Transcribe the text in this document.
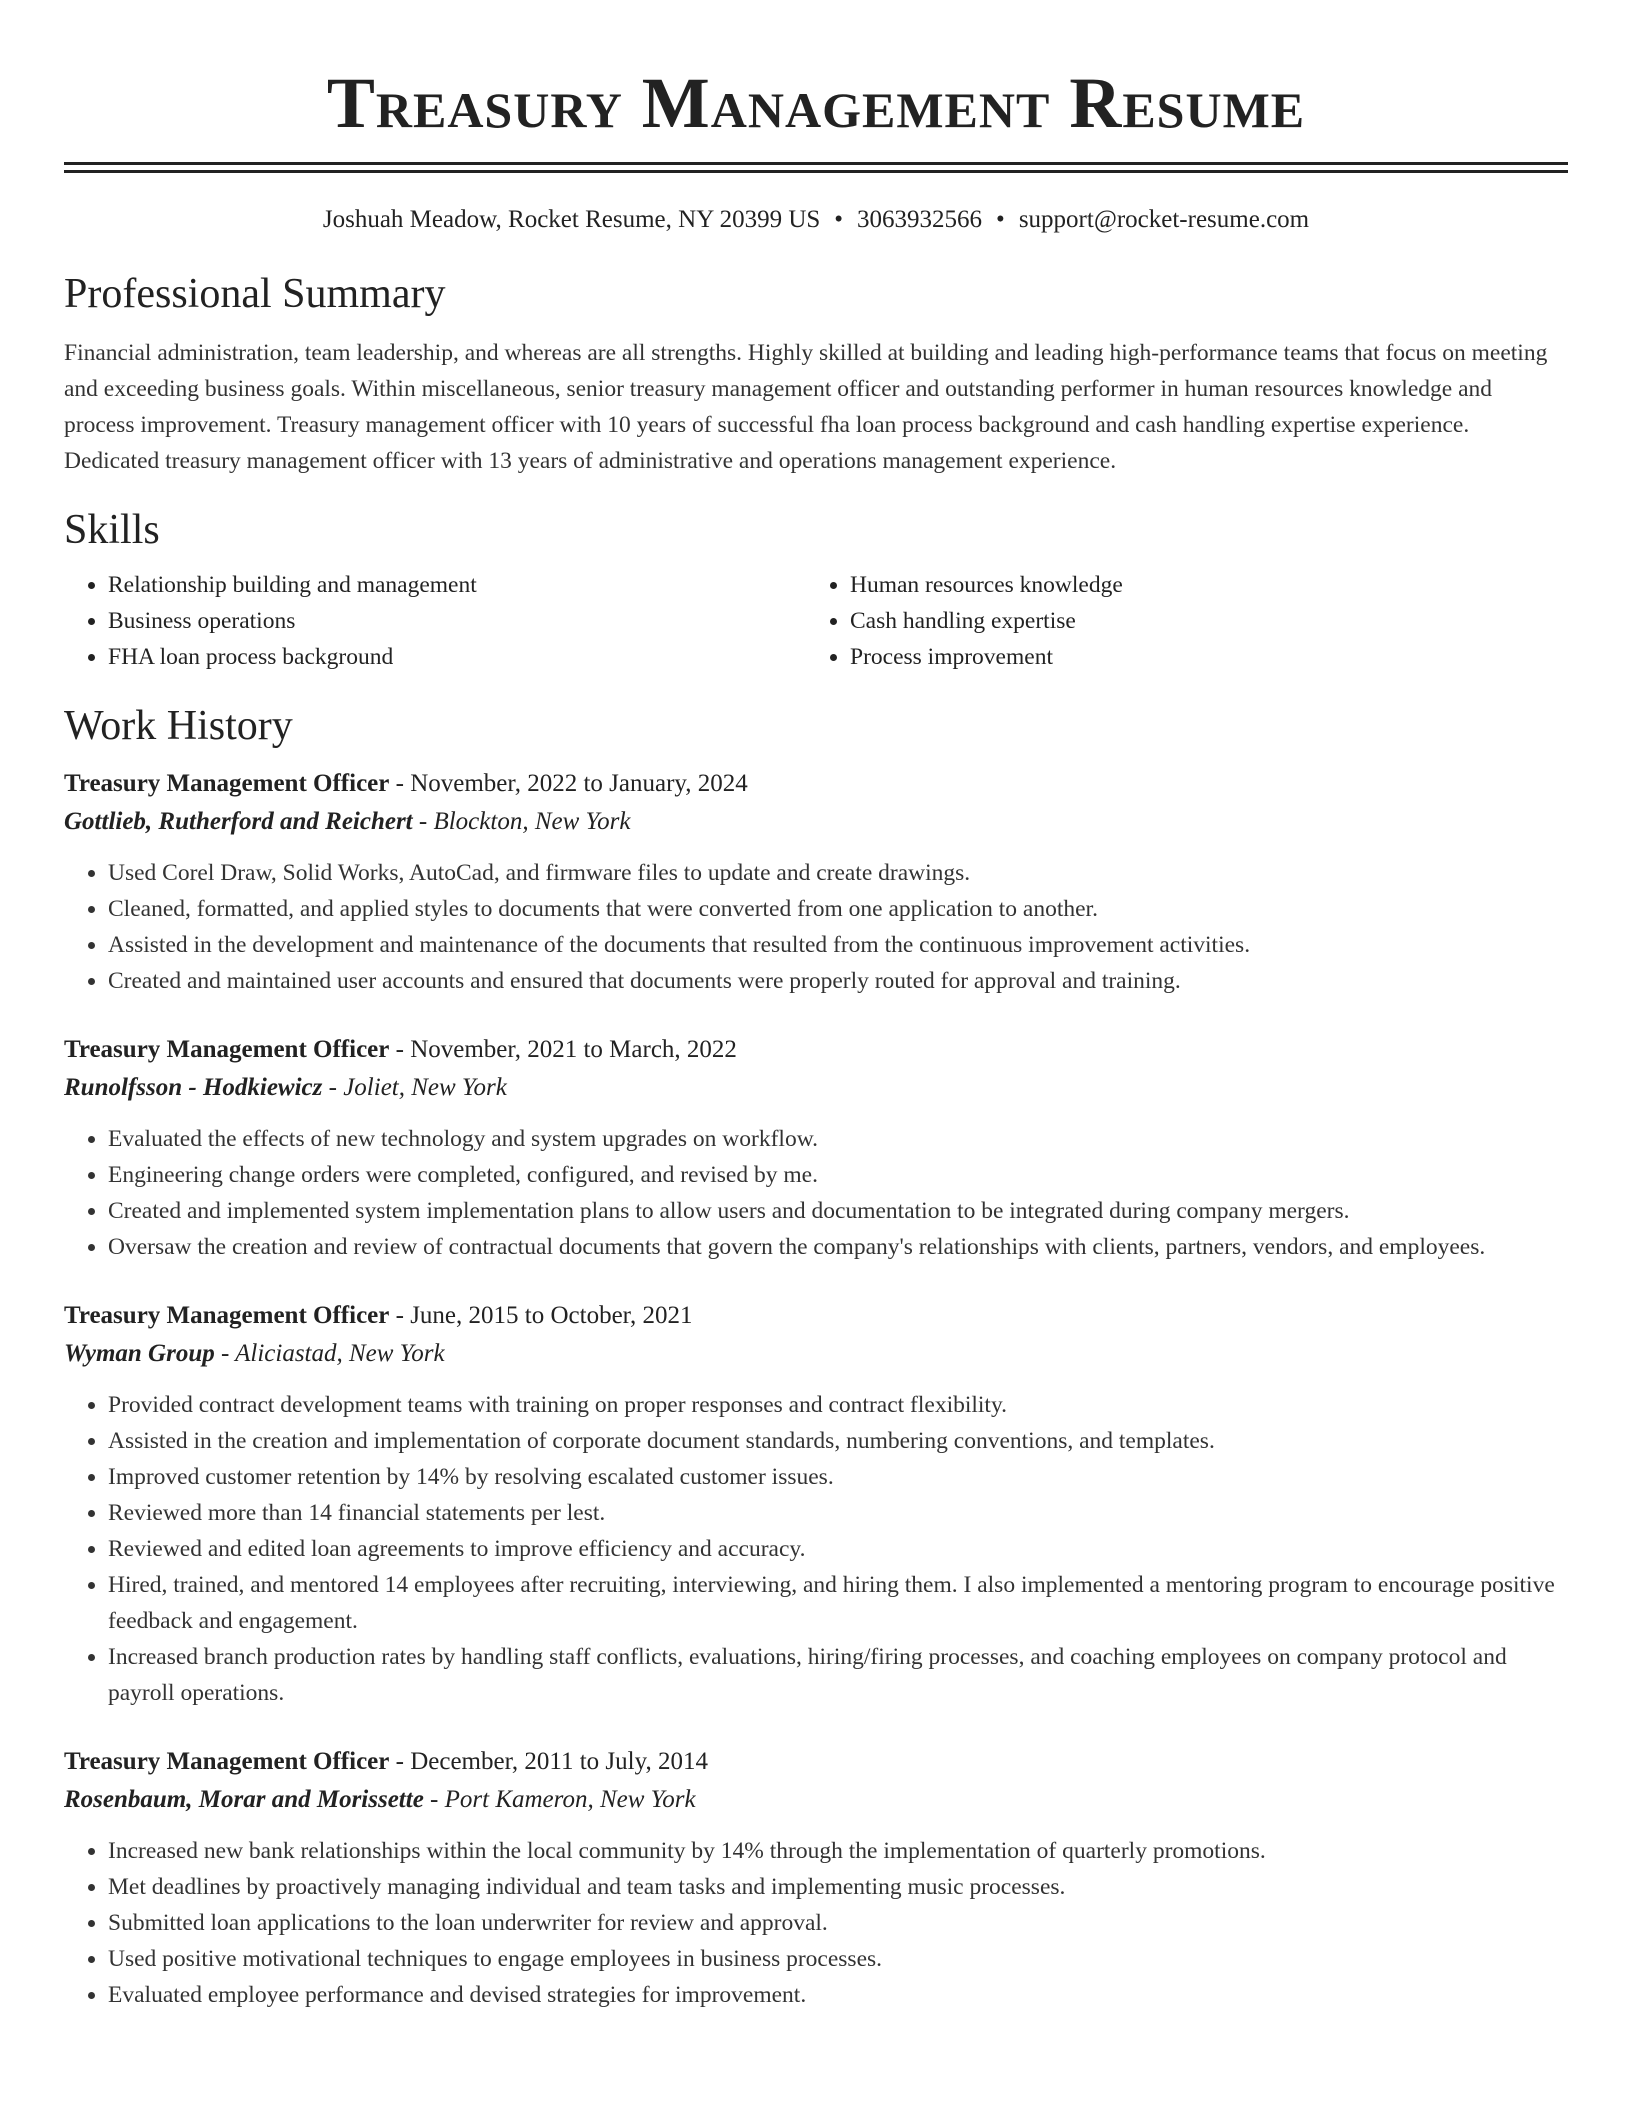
Treasury Management Resume
Joshuah Meadow, Rocket Resume, NY 20399 US • 3063932566 • support@rocket-resume.com
Professional Summary
Financial administration, team leadership, and whereas are all strengths. Highly skilled at building and leading high-performance teams that focus on meeting and exceeding business goals. Within miscellaneous, senior treasury management officer and outstanding performer in human resources knowledge and process improvement. Treasury management officer with 10 years of successful fha loan process background and cash handling expertise experience. Dedicated treasury management officer with 13 years of administrative and operations management experience.
Skills
• Relationship building and management
• Business operations
• FHA loan process background
• Human resources knowledge
• Cash handling expertise
• Process improvement
Work History
Treasury Management Officer - November, 2022 to January, 2024
Gottlieb, Rutherford and Reichert - Blockton, New York
• Used Corel Draw, Solid Works, AutoCad, and firmware files to update and create drawings.
• Cleaned, formatted, and applied styles to documents that were converted from one application to another.
• Assisted in the development and maintenance of the documents that resulted from the continuous improvement activities.
• Created and maintained user accounts and ensured that documents were properly routed for approval and training.
Treasury Management Officer - November, 2021 to March, 2022
Runolfsson - Hodkiewicz - Joliet, New York
• Evaluated the effects of new technology and system upgrades on workflow.
• Engineering change orders were completed, configured, and revised by me.
• Created and implemented system implementation plans to allow users and documentation to be integrated during company mergers.
• Oversaw the creation and review of contractual documents that govern the company's relationships with clients, partners, vendors, and employees.
Treasury Management Officer - June, 2015 to October, 2021
Wyman Group - Aliciastad, New York
• Provided contract development teams with training on proper responses and contract flexibility.
• Assisted in the creation and implementation of corporate document standards, numbering conventions, and templates.
• Improved customer retention by 14% by resolving escalated customer issues.
• Reviewed more than 14 financial statements per lest.
• Reviewed and edited loan agreements to improve efficiency and accuracy.
• Hired, trained, and mentored 14 employees after recruiting, interviewing, and hiring them. I also implemented a mentoring program to encourage positive feedback and engagement.
• Increased branch production rates by handling staff conflicts, evaluations, hiring/firing processes, and coaching employees on company protocol and payroll operations.
Treasury Management Officer - December, 2011 to July, 2014
Rosenbaum, Morar and Morissette - Port Kameron, New York
• Increased new bank relationships within the local community by 14% through the implementation of quarterly promotions.
• Met deadlines by proactively managing individual and team tasks and implementing music processes.
• Submitted loan applications to the loan underwriter for review and approval.
• Used positive motivational techniques to engage employees in business processes.
• Evaluated employee performance and devised strategies for improvement.
